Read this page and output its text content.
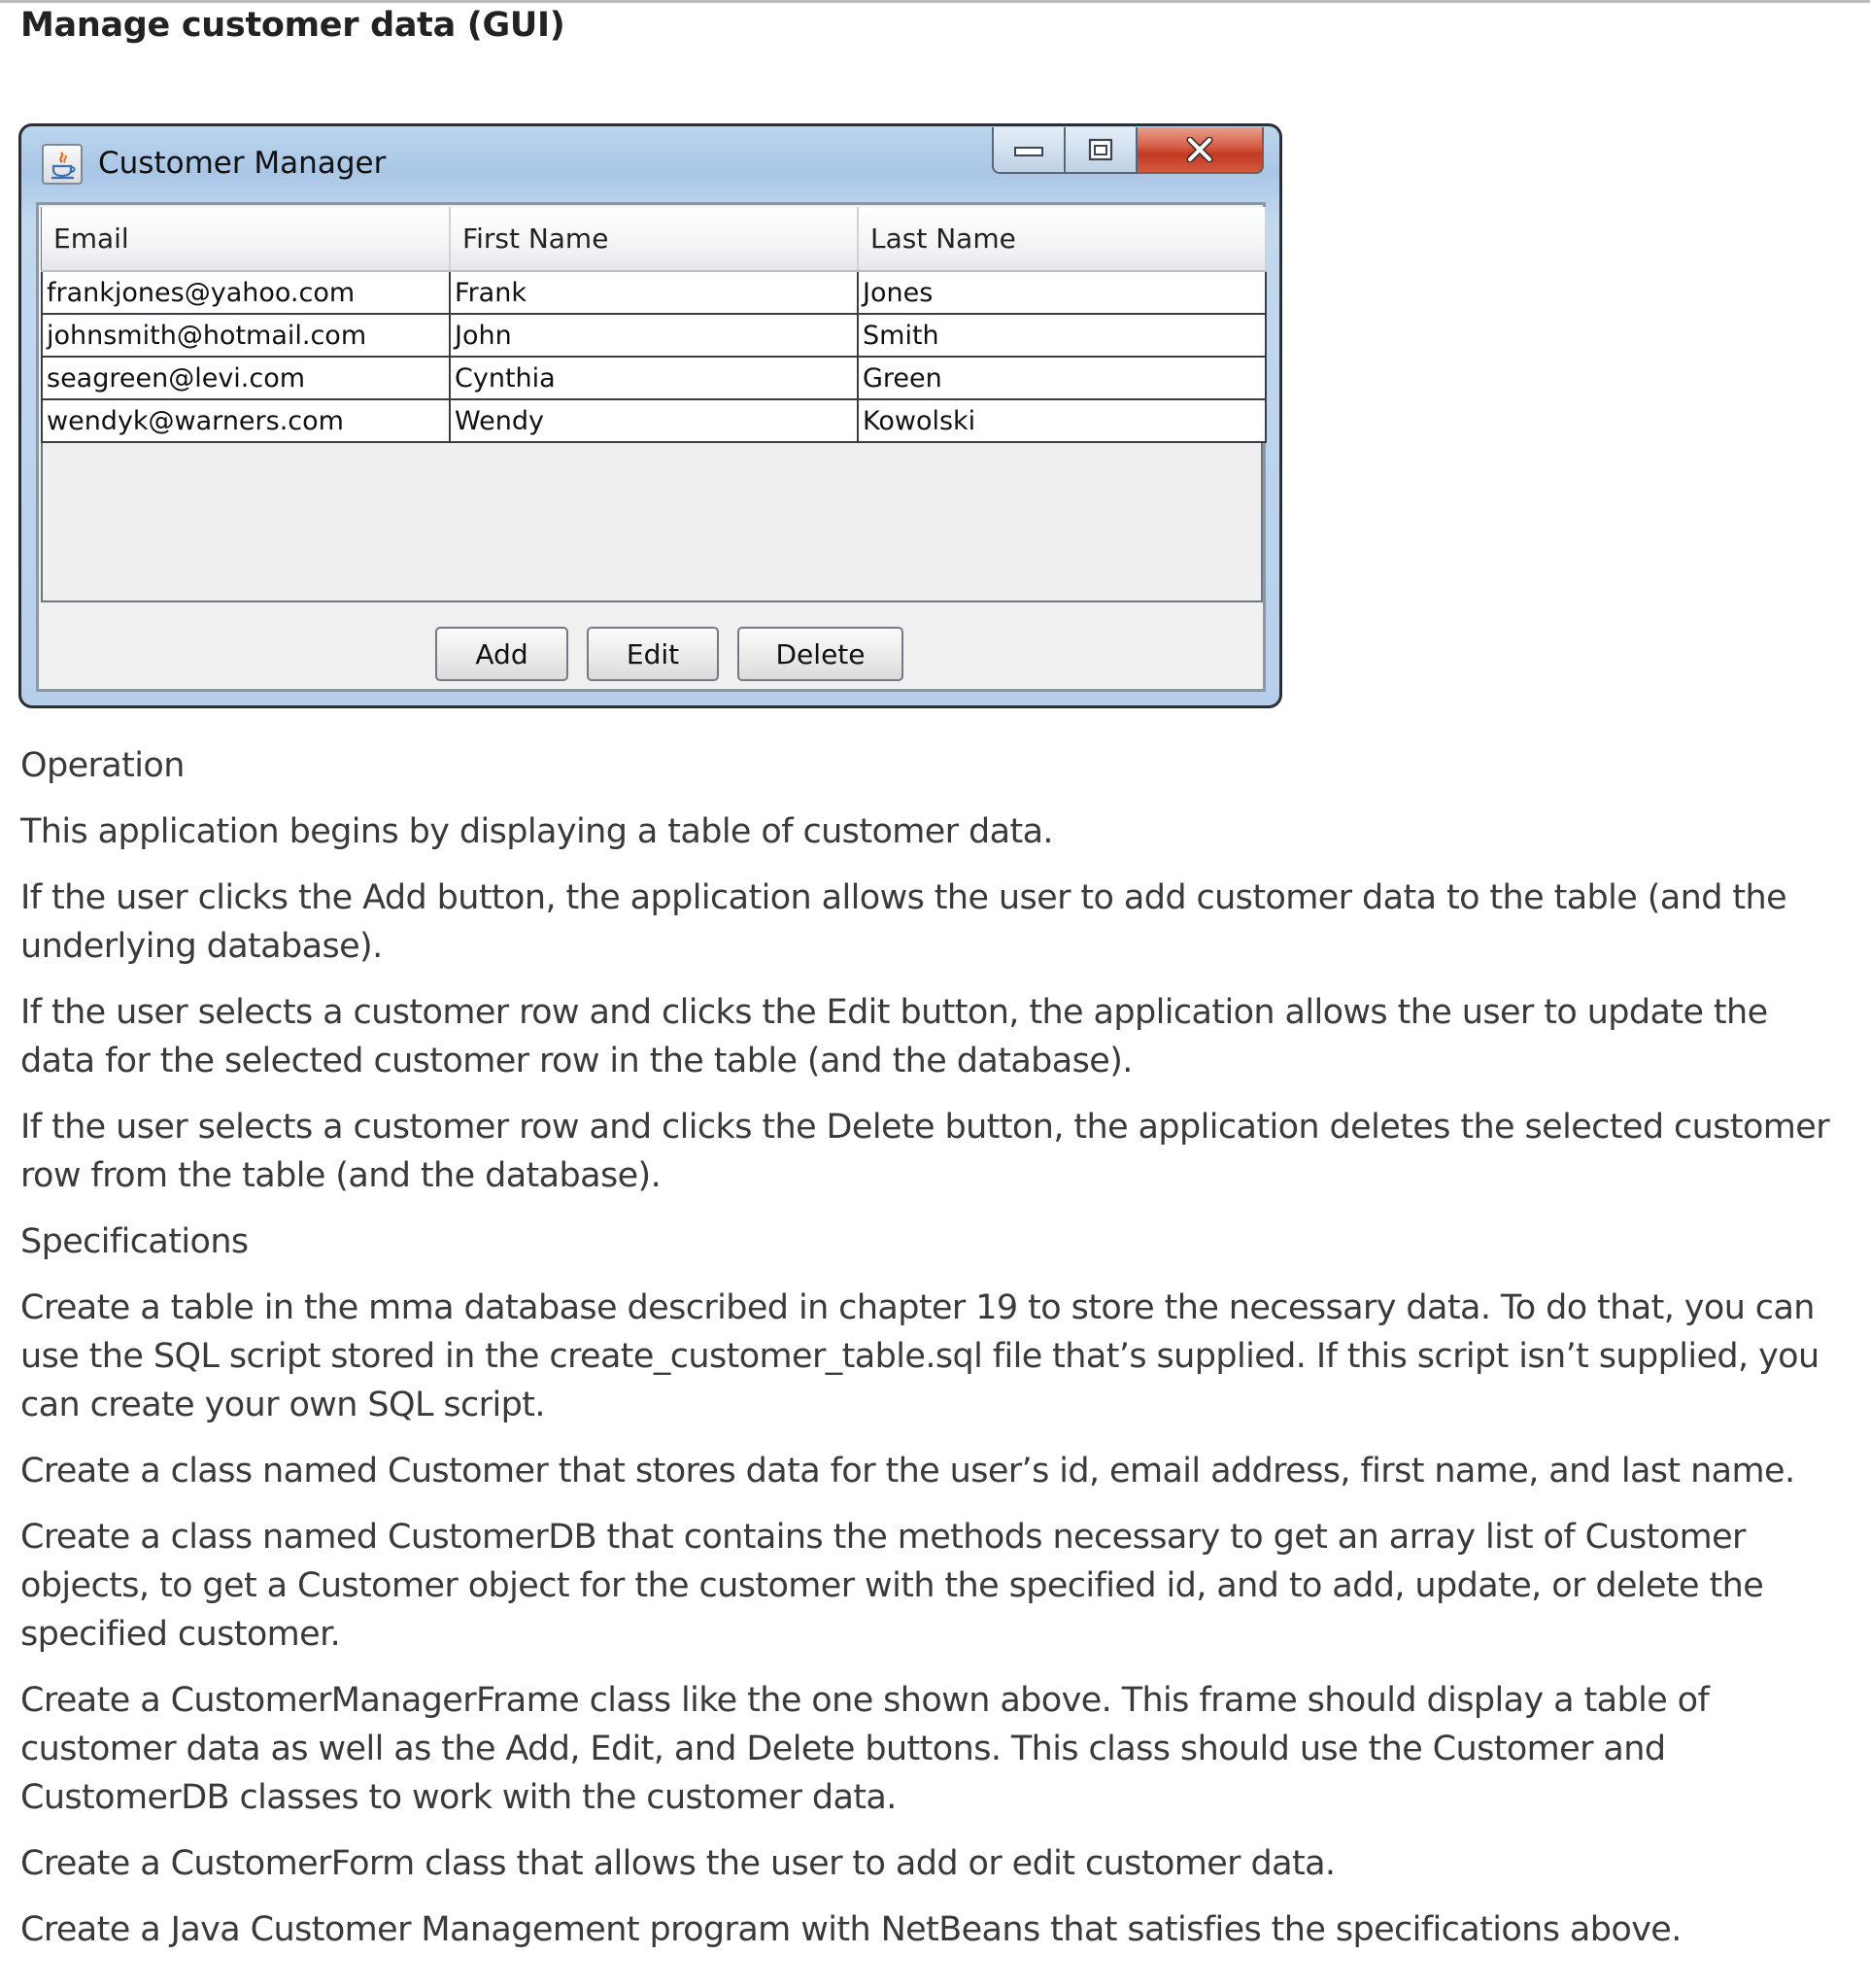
Manage customer data (GUI)
Customer Manager
Email	First Name	Last Name
frankjones@yahoo.com	Frank	Jones
johnsmith@hotmail.com	John	Smith
seagreen@levi.com	Cynthia	Green
wendyk@warners.com	Wendy	Kowolski
Add	Edit	Delete

Operation

This application begins by displaying a table of customer data.

If the user clicks the Add button, the application allows the user to add customer data to the table (and the underlying database).

If the user selects a customer row and clicks the Edit button, the application allows the user to update the data for the selected customer row in the table (and the database).

If the user selects a customer row and clicks the Delete button, the application deletes the selected customer row from the table (and the database).

Specifications

Create a table in the mma database described in chapter 19 to store the necessary data. To do that, you can use the SQL script stored in the create_customer_table.sql file that’s supplied. If this script isn’t supplied, you can create your own SQL script.

Create a class named Customer that stores data for the user’s id, email address, first name, and last name.

Create a class named CustomerDB that contains the methods necessary to get an array list of Customer objects, to get a Customer object for the customer with the specified id, and to add, update, or delete the specified customer.

Create a CustomerManagerFrame class like the one shown above. This frame should display a table of customer data as well as the Add, Edit, and Delete buttons. This class should use the Customer and CustomerDB classes to work with the customer data.

Create a CustomerForm class that allows the user to add or edit customer data.

Create a Java Customer Management program with NetBeans that satisfies the specifications above.
